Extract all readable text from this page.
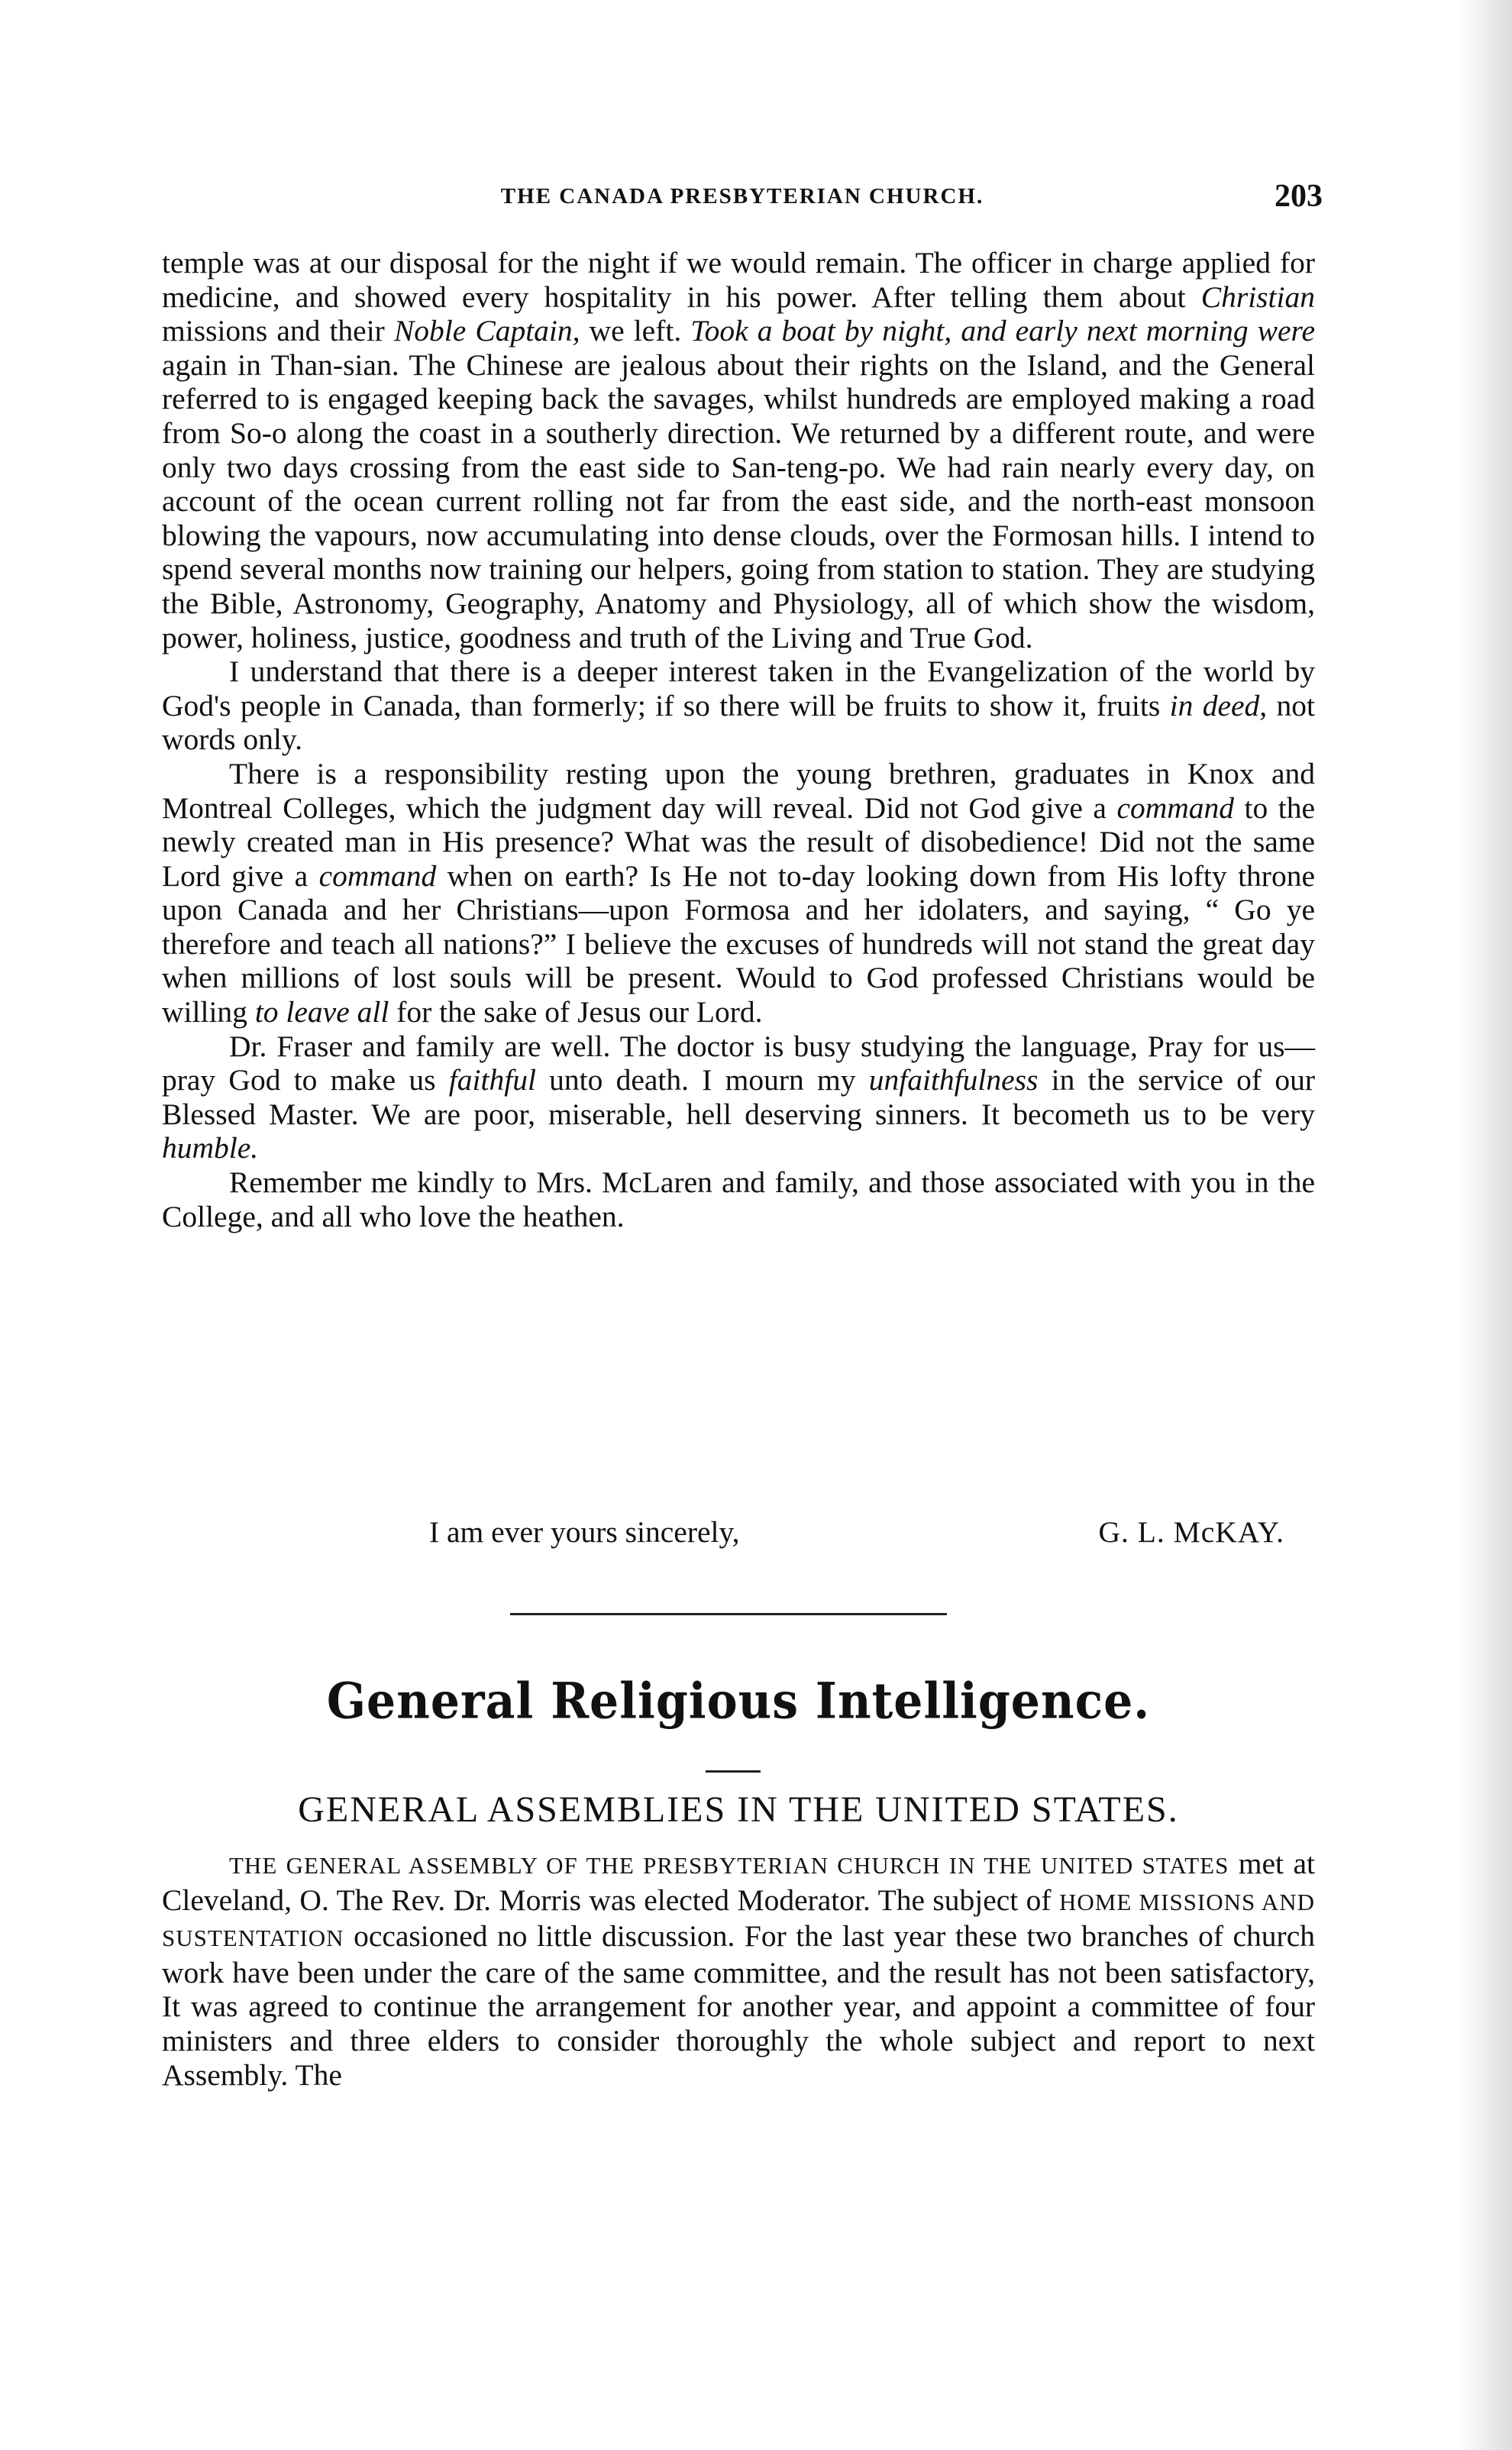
THE CANADA PRESBYTERIAN CHURCH.	203

temple was at our disposal for the night if we would remain. The officer in charge applied for medicine, and showed every hospitality in his power. After telling them about Christian missions and their Noble Captain, we left. Took a boat by night, and early next morning were again in Than-sian. The Chinese are jealous about their rights on the Island, and the General referred to is engaged keeping back the savages, whilst hundreds are employed making a road from So-o along the coast in a southerly direction. We returned by a different route, and were only two days crossing from the east side to San-teng-po. We had rain nearly every day, on account of the ocean current rolling not far from the east side, and the north-east monsoon blowing the vapours, now accumulating into dense clouds, over the Formosan hills. I intend to spend several months now training our helpers, going from station to station. They are studying the Bible, Astronomy, Geography, Anatomy and Physiology, all of which show the wisdom, power, holiness, justice, goodness and truth of the Living and True God.

I understand that there is a deeper interest taken in the Evangelization of the world by God's people in Canada, than formerly; if so there will be fruits to show it, fruits in deed, not words only.

There is a responsibility resting upon the young brethren, graduates in Knox and Montreal Colleges, which the judgment day will reveal. Did not God give a command to the newly created man in His presence? What was the result of disobedience! Did not the same Lord give a command when on earth? Is He not to-day looking down from His lofty throne upon Canada and her Christians—upon Formosa and her idolaters, and saying, “ Go ye therefore and teach all nations?” I believe the excuses of hundreds will not stand the great day when millions of lost souls will be present. Would to God professed Christians would be willing to leave all for the sake of Jesus our Lord.

Dr. Fraser and family are well. The doctor is busy studying the language, Pray for us—pray God to make us faithful unto death. I mourn my unfaithfulness in the service of our Blessed Master. We are poor, miserable, hell deserving sinners. It becometh us to be very humble.

Remember me kindly to Mrs. McLaren and family, and those associated with you in the College, and all who love the heathen.

I am ever yours sincerely,	G. L. McKAY.
General Religious Intelligence.
GENERAL ASSEMBLIES IN THE UNITED STATES.

THE GENERAL ASSEMBLY OF THE PRESBYTERIAN CHURCH IN THE UNITED STATES met at Cleveland, O. The Rev. Dr. Morris was elected Moderator. The subject of HOME MISSIONS AND SUSTENTATION occasioned no little discussion. For the last year these two branches of church work have been under the care of the same committee, and the result has not been satisfactory, It was agreed to continue the arrangement for another year, and appoint a committee of four ministers and three elders to consider thoroughly the whole subject and report to next Assembly. The
